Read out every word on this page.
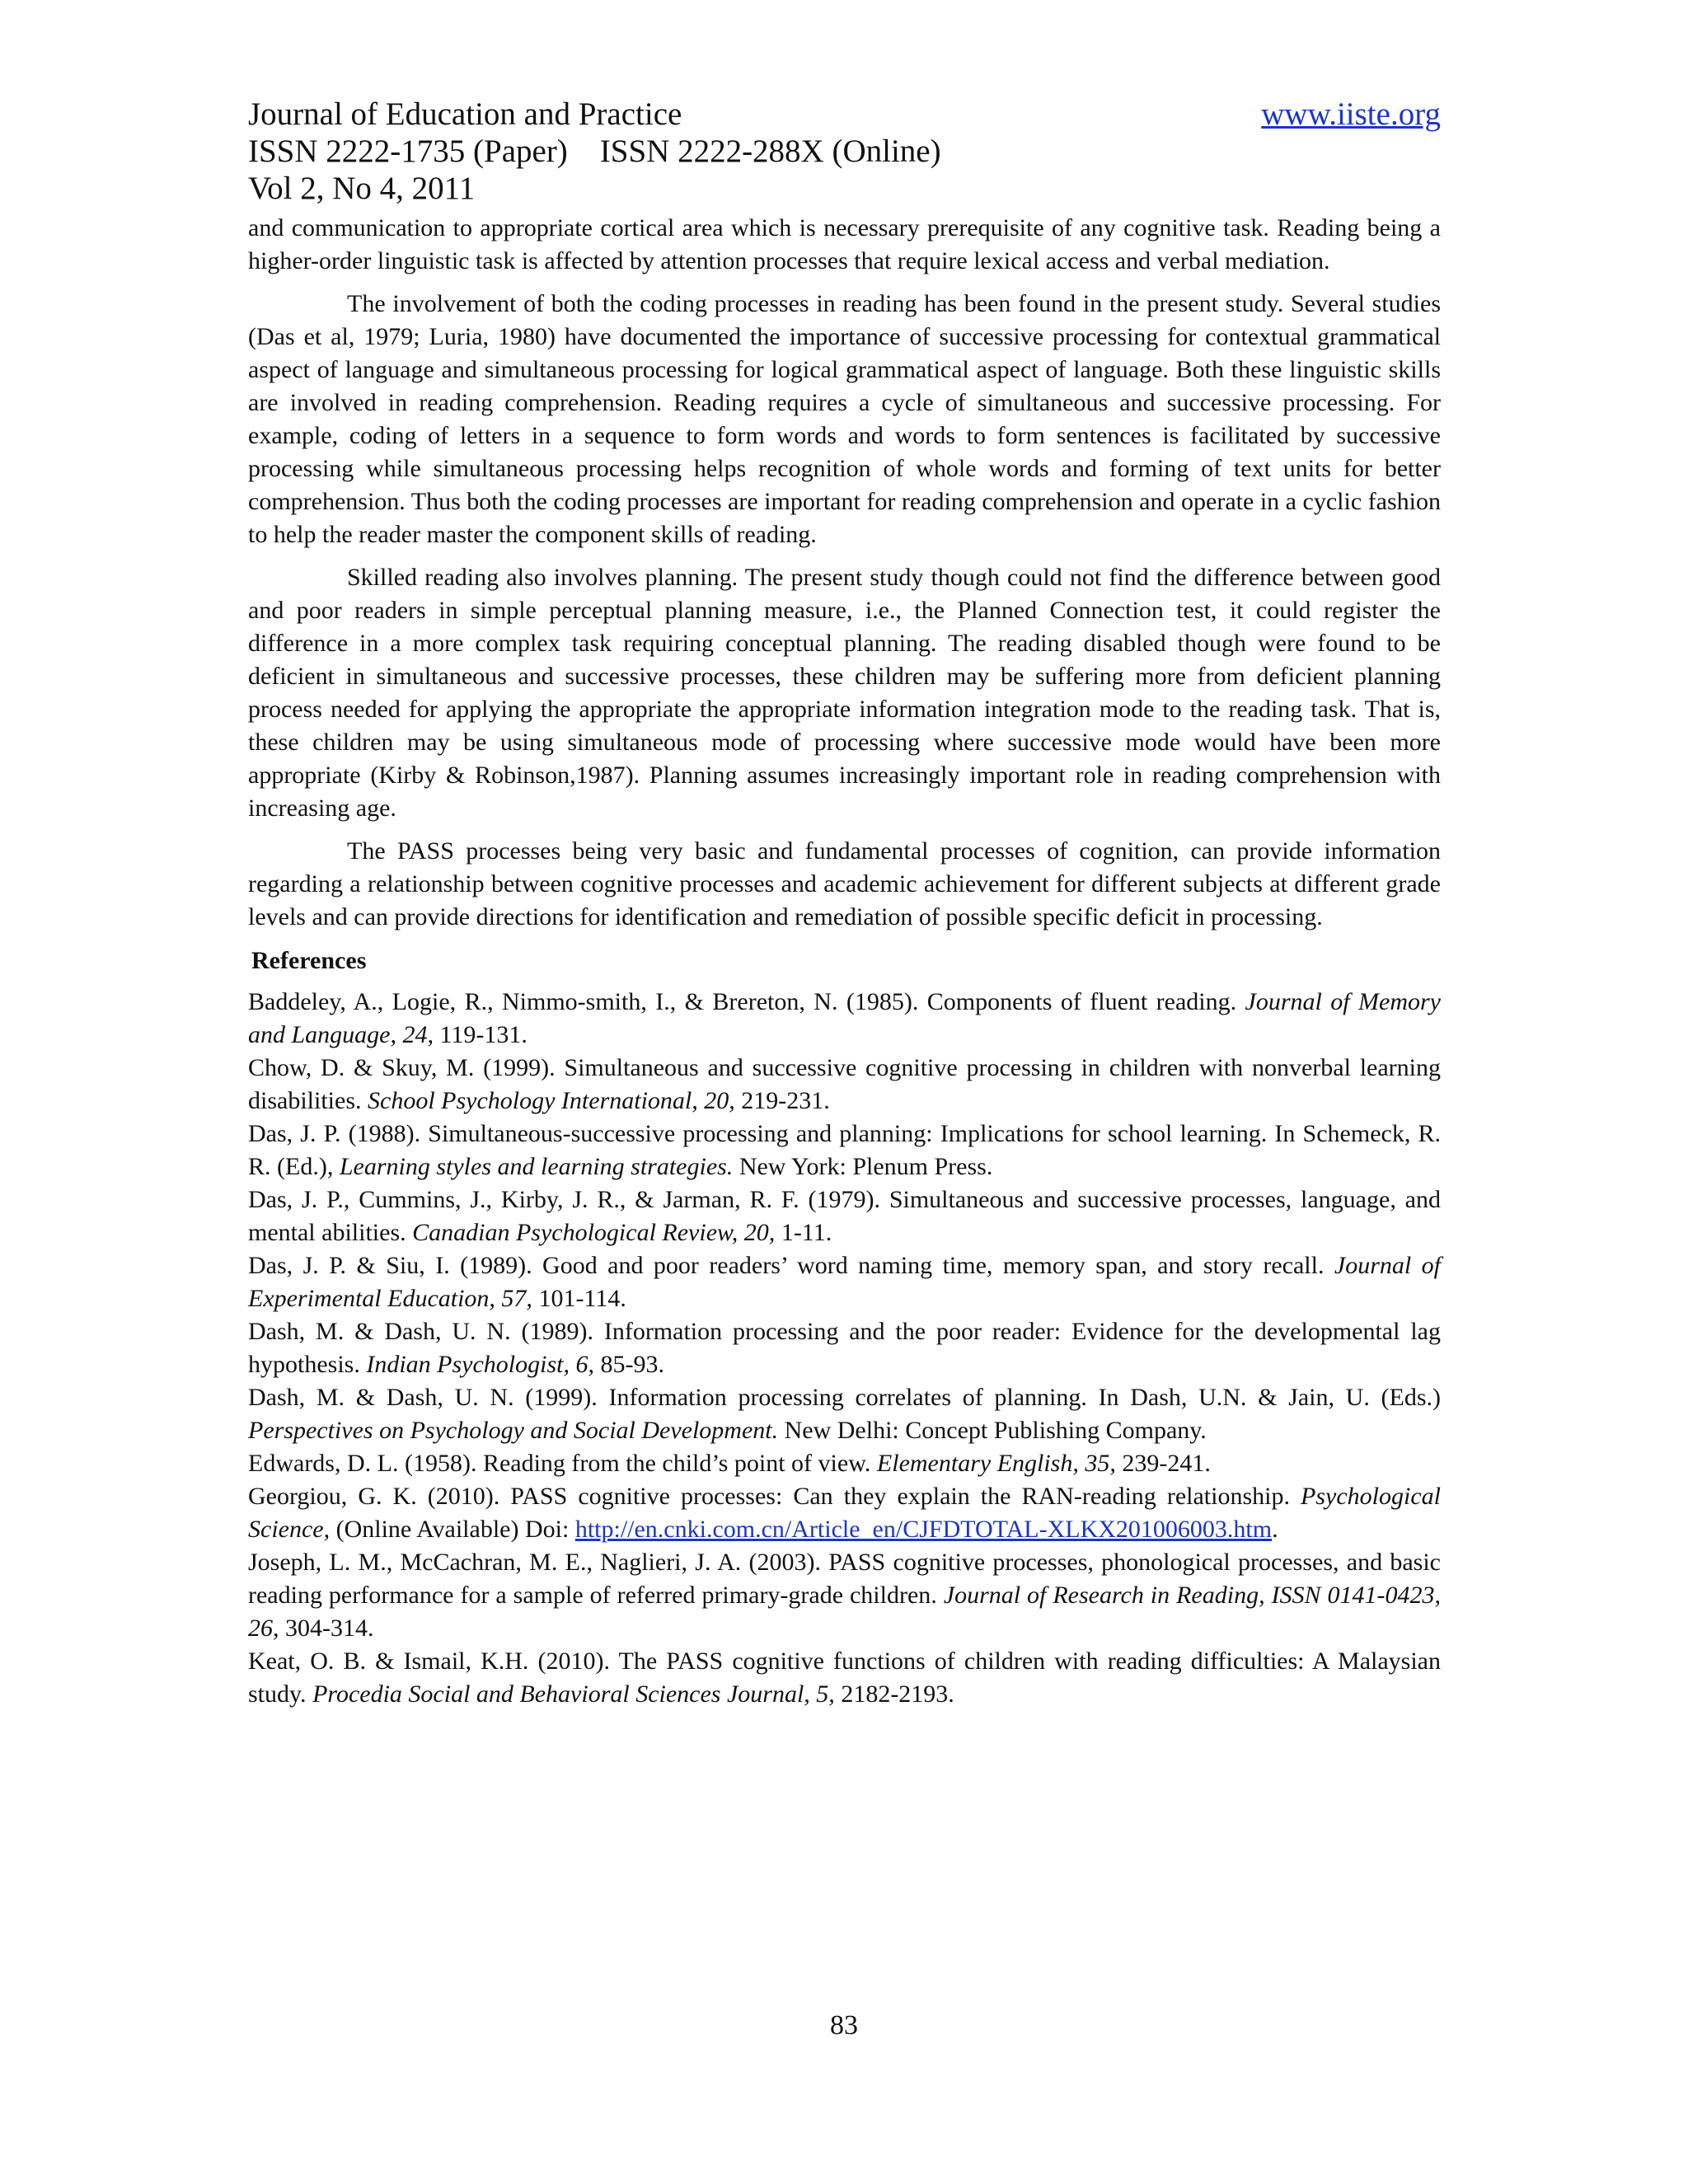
Journal of Education and Practice	www.iiste.org
ISSN 2222-1735 (Paper)    ISSN 2222-288X (Online)
Vol 2, No 4, 2011

and communication to appropriate cortical area which is necessary prerequisite of any cognitive task. Reading being a higher-order linguistic task is affected by attention processes that require lexical access and verbal mediation.

The involvement of both the coding processes in reading has been found in the present study. Several studies (Das et al, 1979; Luria, 1980) have documented the importance of successive processing for contextual grammatical aspect of language and simultaneous processing for logical grammatical aspect of language. Both these linguistic skills are involved in reading comprehension. Reading requires a cycle of simultaneous and successive processing. For example, coding of letters in a sequence to form words and words to form sentences is facilitated by successive processing while simultaneous processing helps recognition of whole words and forming of text units for better comprehension. Thus both the coding processes are important for reading comprehension and operate in a cyclic fashion to help the reader master the component skills of reading.

Skilled reading also involves planning. The present study though could not find the difference between good and poor readers in simple perceptual planning measure, i.e., the Planned Connection test, it could register the difference in a more complex task requiring conceptual planning. The reading disabled though were found to be deficient in simultaneous and successive processes, these children may be suffering more from deficient planning process needed for applying the appropriate the appropriate information integration mode to the reading task. That is, these children may be using simultaneous mode of processing where successive mode would have been more appropriate (Kirby & Robinson,1987). Planning assumes increasingly important role in reading comprehension with increasing age.

The PASS processes being very basic and fundamental processes of cognition, can provide information regarding a relationship between cognitive processes and academic achievement for different subjects at different grade levels and can provide directions for identification and remediation of possible specific deficit in processing.

References

Baddeley, A., Logie, R., Nimmo-smith, I., & Brereton, N. (1985). Components of fluent reading. Journal of Memory and Language, 24, 119-131.

Chow, D. & Skuy, M. (1999). Simultaneous and successive cognitive processing in children with nonverbal learning disabilities. School Psychology International, 20, 219-231.

Das, J. P. (1988). Simultaneous-successive processing and planning: Implications for school learning. In Schemeck, R. R. (Ed.), Learning styles and learning strategies. New York: Plenum Press.

Das, J. P., Cummins, J., Kirby, J. R., & Jarman, R. F. (1979). Simultaneous and successive processes, language, and mental abilities. Canadian Psychological Review, 20, 1-11.

Das, J. P. & Siu, I. (1989). Good and poor readers’ word naming time, memory span, and story recall. Journal of Experimental Education, 57, 101-114.

Dash, M. & Dash, U. N. (1989). Information processing and the poor reader: Evidence for the developmental lag hypothesis. Indian Psychologist, 6, 85-93.

Dash, M. & Dash, U. N. (1999). Information processing correlates of planning. In Dash, U.N. & Jain, U. (Eds.) Perspectives on Psychology and Social Development. New Delhi: Concept Publishing Company.

Edwards, D. L. (1958). Reading from the child’s point of view. Elementary English, 35, 239-241.

Georgiou, G. K. (2010). PASS cognitive processes: Can they explain the RAN-reading relationship. Psychological Science, (Online Available) Doi: http://en.cnki.com.cn/Article_en/CJFDTOTAL-XLKX201006003.htm.

Joseph, L. M., McCachran, M. E., Naglieri, J. A. (2003). PASS cognitive processes, phonological processes, and basic reading performance for a sample of referred primary-grade children. Journal of Research in Reading, ISSN 0141-0423, 26, 304-314.

Keat, O. B. & Ismail, K.H. (2010). The PASS cognitive functions of children with reading difficulties: A Malaysian study. Procedia Social and Behavioral Sciences Journal, 5, 2182-2193.

83
